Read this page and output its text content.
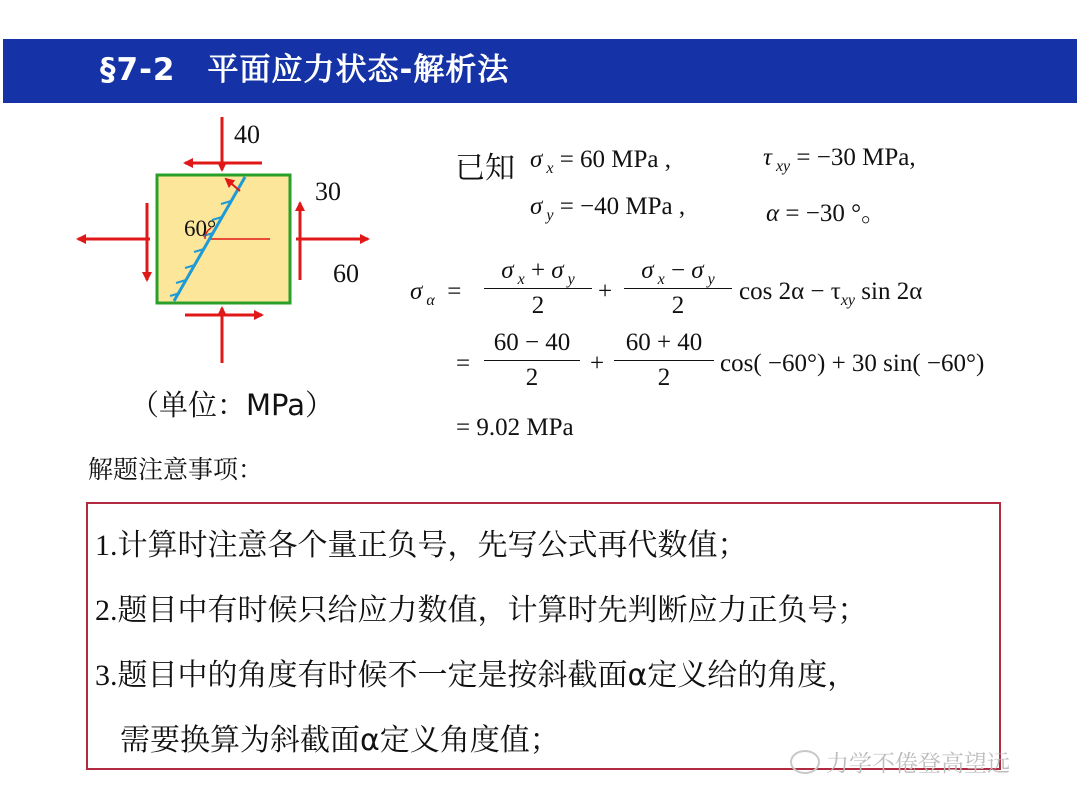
§7-2　平面应力状态-解析法
60°
40
30
60
（单位：MPa）
已知 σ $_x$ = 60 MPa ,	τ $_{xy}$ = −30 MPa,
σ $_y$ = −40 MPa ,	α = −30 °。
σ $_\alpha$  =
σ $_x$ + σ $_y$
2
+
σ $_x$ − σ $_y$
2
$\cos 2\alpha - \tau_{xy}$ sin 2α
=
60 − 40
2
+
60 + 40
2
cos( −60°) + 30 sin( −60°)
= 9.02 MPa
解题注意事项：
1.计算时注意各个量正负号，先写公式再代数值；
2.题目中有时候只给应力数值，计算时先判断应力正负号；
3.题目中的角度有时候不一定是按斜截面α定义给的角度，
需要换算为斜截面α定义角度值；
力学不倦登高望远
